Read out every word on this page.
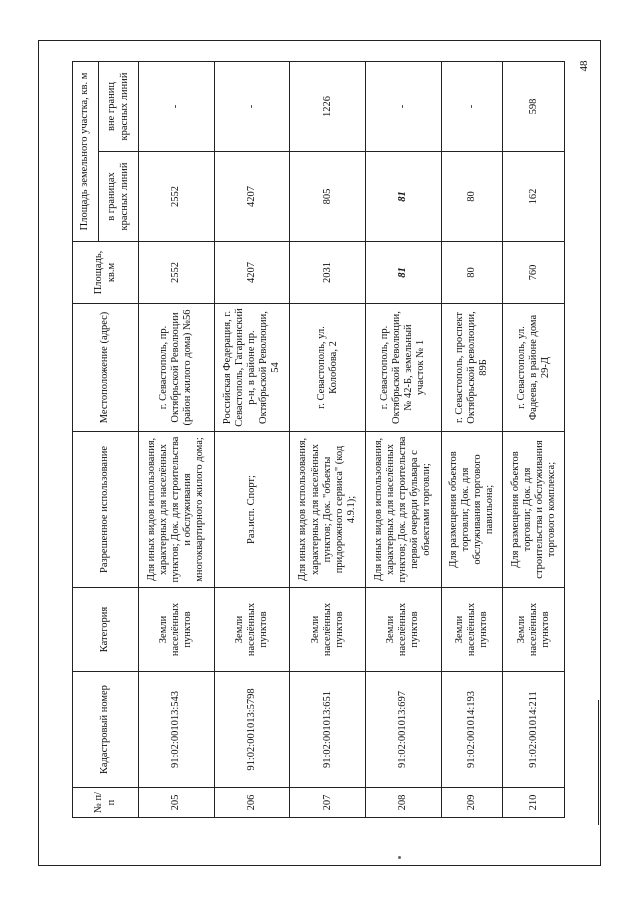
48
№ п/п	Кадастровый номер	Категория	Разрешенное использование	Местоположение (адрес)	Площадь, кв.м	Площадь земельного участка, кв. м	
						в границах красных линий	вне границ красных линий
205	91:02:001013:543	Земли населённых пунктов	Для иных видов использования, характерных для населённых пунктов; Док. для строительства и обслуживания многоквартирного жилого дома;	г. Севастополь, пр. Октябрьской Революции (район жилого дома) №56	2552	2552	-
206	91:02:001013:5798	Земли населённых пунктов	Раз.исп. Спорт;	Российская Федерация, г. Севастополь, Гагаринский р-н, в районе пр. Октябрьской Революции, 54	4207	4207	-
207	91:02:001013:651	Земли населённых пунктов	Для иных видов использования, характерных для населённых пунктов; Док. "объекты придорожного сервиса" (код 4.9.1);	г. Севастополь, ул. Колобова, 2	2031	805	1226
208	91:02:001013:697	Земли населённых пунктов	Для иных видов использования, характерных для населённых пунктов; Док. для строительства первой очереди бульвара с объектами торговли;	г. Севастополь, пр. Октябрьской Революции, № 42-Б, земельный участок № 1	81	81	-
209	91:02:001014:193	Земли населённых пунктов	Для размещения объектов торговли; Док. для обслуживания торгового павильона;	г. Севастополь, проспект Октябрьской революции, 89Б	80	80	-
210	91:02:001014:211	Земли населённых пунктов	Для размещения объектов торговли; Док. для строительства и обслуживания торгового комплекса;	г. Севастополь, ул. Фадеева, в районе дома 29-Д	760	162	598
